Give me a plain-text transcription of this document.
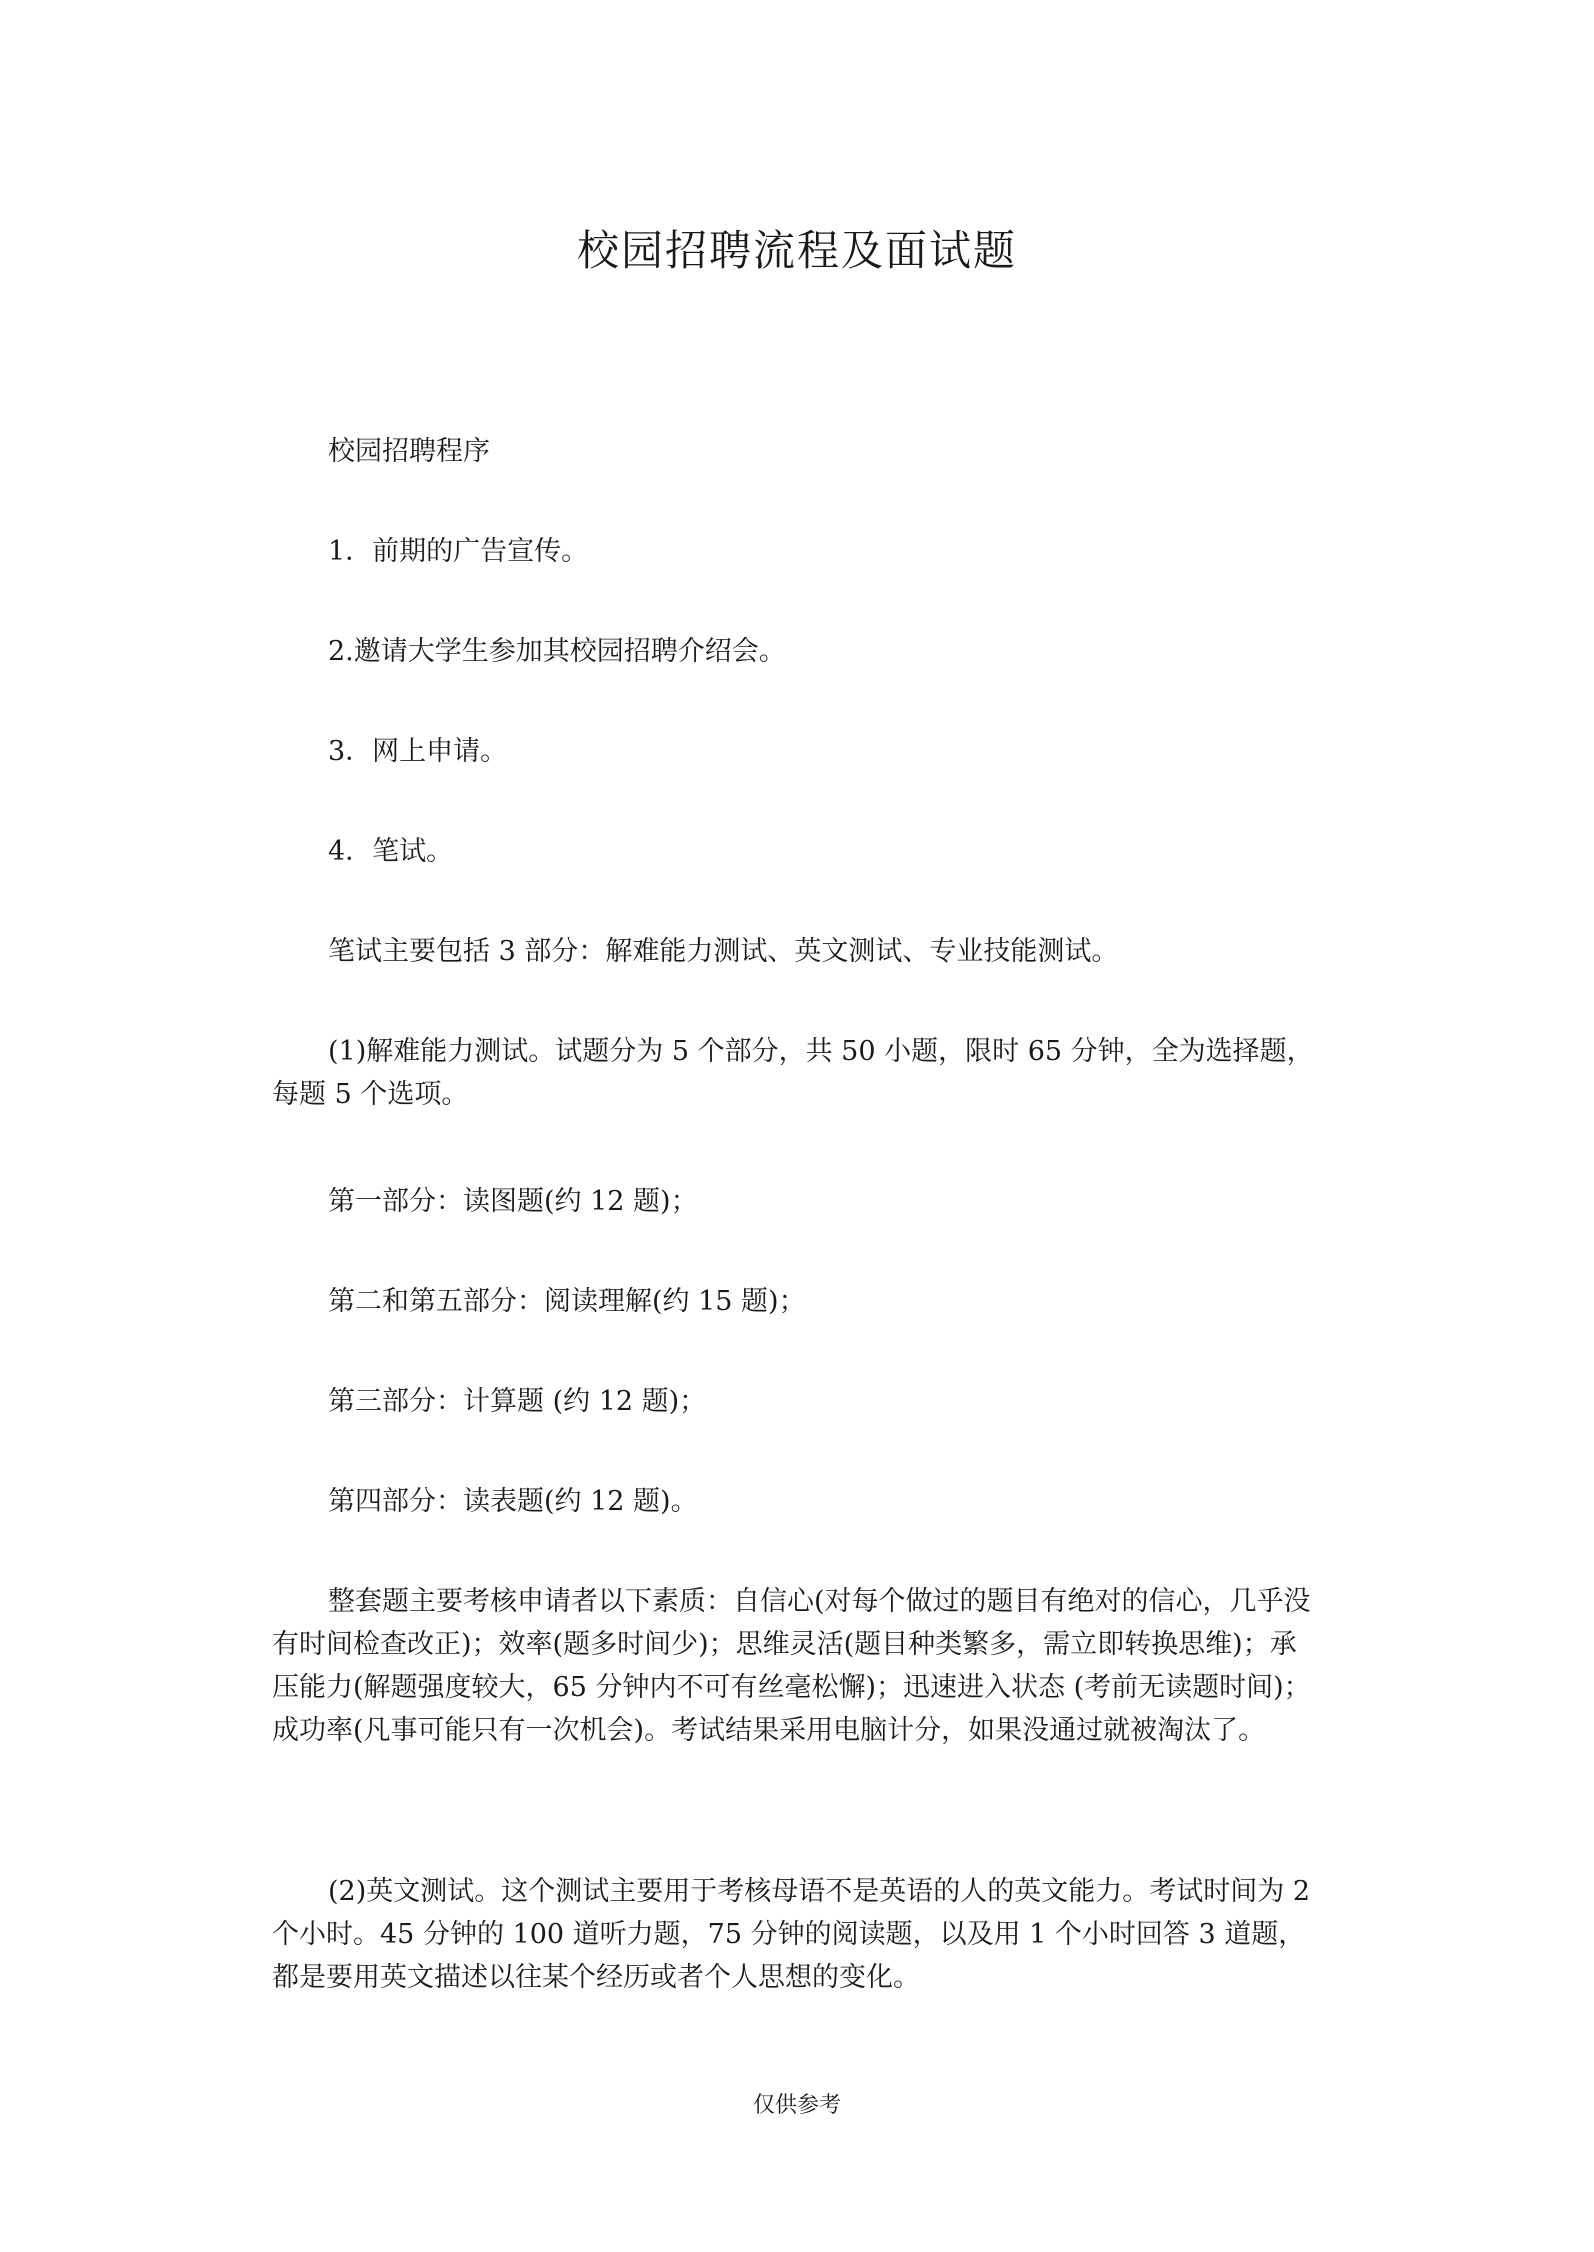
校园招聘流程及面试题

校园招聘程序

1．前期的广告宣传。

2.邀请大学生参加其校园招聘介绍会。

3．网上申请。

4．笔试。

笔试主要包括 3 部分：解难能力测试、英文测试、专业技能测试。

(1)解难能力测试。试题分为 5 个部分，共 50 小题，限时 65 分钟，全为选择题，每题 5 个选项。

第一部分：读图题(约 12 题)；

第二和第五部分：阅读理解(约 15 题)；

第三部分：计算题 (约 12 题)；

第四部分：读表题(约 12 题)。

整套题主要考核申请者以下素质：自信心(对每个做过的题目有绝对的信心，几乎没有时间检查改正)；效率(题多时间少)；思维灵活(题目种类繁多，需立即转换思维)；承压能力(解题强度较大，65 分钟内不可有丝毫松懈)；迅速进入状态 (考前无读题时间)；成功率(凡事可能只有一次机会)。考试结果采用电脑计分，如果没通过就被淘汰了。

(2)英文测试。这个测试主要用于考核母语不是英语的人的英文能力。考试时间为 2 个小时。45 分钟的 100 道听力题，75 分钟的阅读题，以及用 1 个小时回答 3 道题，都是要用英文描述以往某个经历或者个人思想的变化。

仅供参考
